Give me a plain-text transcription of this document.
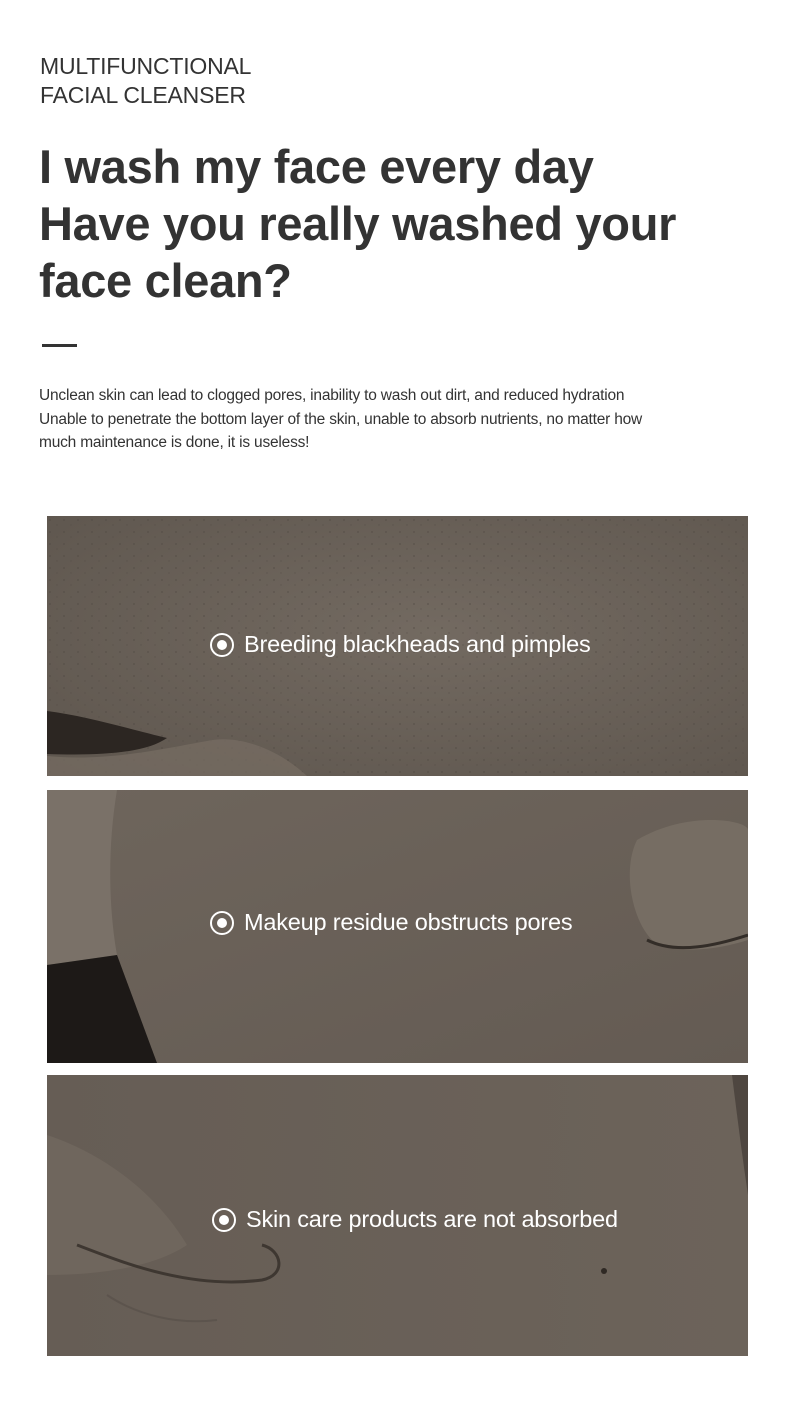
MULTIFUNCTIONAL
FACIAL CLEANSER
I wash my face every day
Have you really washed your
face clean?
Unclean skin can lead to clogged pores, inability to wash out dirt, and reduced hydration
Unable to penetrate the bottom layer of the skin, unable to absorb nutrients, no matter how
much maintenance is done, it is useless!
Breeding blackheads and pimples
Makeup residue obstructs pores
Skin care products are not absorbed
